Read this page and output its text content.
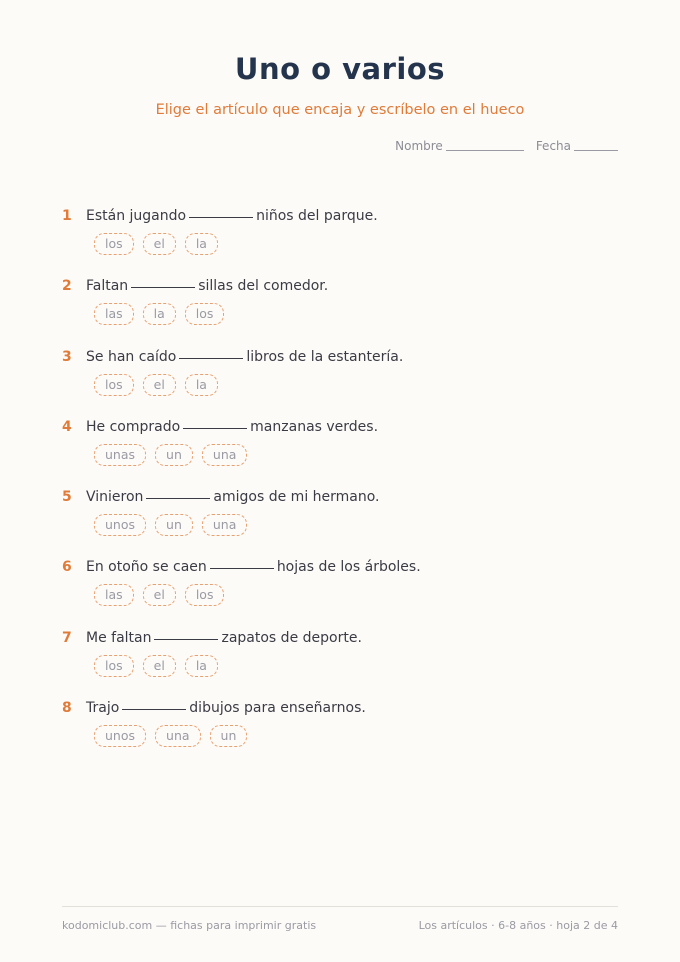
Uno o varios
Elige el artículo que encaja y escríbelo en el hueco
Nombre	Fecha
1 Están jugando	niños del parque.
los	el	la
2 Faltan	sillas del comedor.
las	la	los
3 Se han caído	libros de la estantería.
los	el	la
4 He comprado	manzanas verdes.
unas	un	una
5 Vinieron	amigos de mi hermano.
unos	un	una
6 En otoño se caen	hojas de los árboles.
las	el	los
7 Me faltan	zapatos de deporte.
los	el	la
8 Trajo	dibujos para enseñarnos.
unos	una	un
kodomiclub.com — fichas para imprimir gratis	Los artículos · 6-8 años · hoja 2 de 4
